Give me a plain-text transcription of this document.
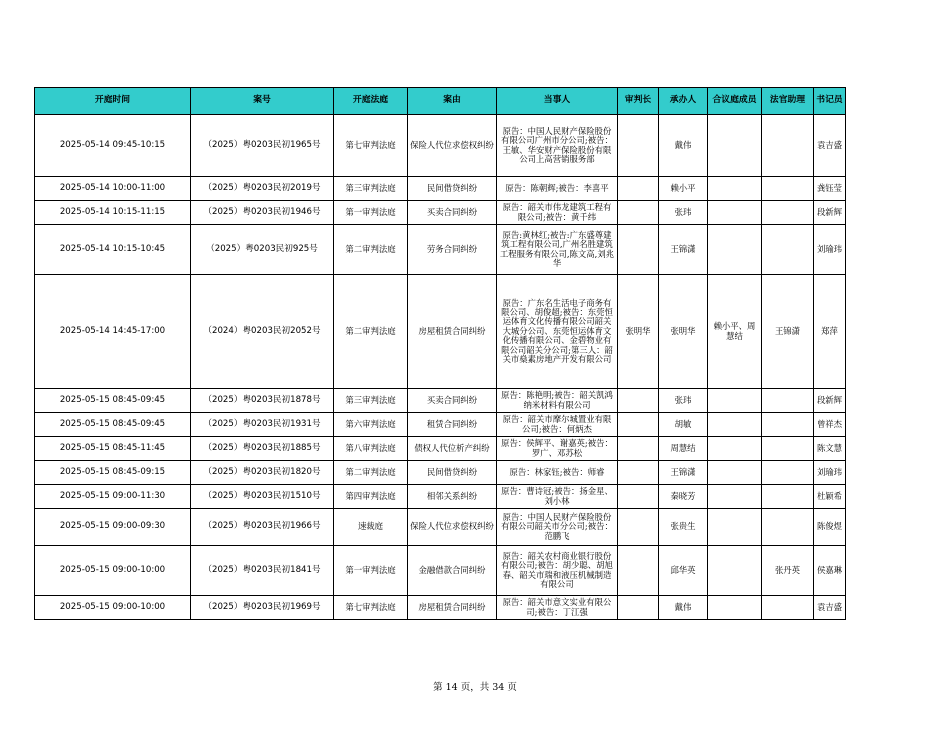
开庭时间	案号	开庭法庭	案由	当事人	审判长	承办人	合议庭成员	法官助理	书记员
2025-05-14 09:45-10:15	（2025）粤0203民初1965号	第七审判法庭	保险人代位求偿权纠纷	原告：中国人民财产保险股份有限公司广州市分公司;被告：王敏、华安财产保险股份有限公司上高营销服务部		戴伟			袁吉盛
2025-05-14 10:00-11:00	（2025）粤0203民初2019号	第三审判法庭	民间借贷纠纷	原告：陈朝辉;被告：李喜平		赖小平			龚钰莹
2025-05-14 10:15-11:15	（2025）粤0203民初1946号	第一审判法庭	买卖合同纠纷	原告：韶关市伟龙建筑工程有限公司;被告：黄千纬		张玮			段新辉
2025-05-14 10:15-10:45	（2025）粤0203民初925号	第二审判法庭	劳务合同纠纷	原告:黄林红;被告:广东盛尊建筑工程有限公司,广州名胜建筑工程服务有限公司,陈文高,刘兆华		王锦潇			刘瑜玮
2025-05-14 14:45-17:00	（2024）粤0203民初2052号	第二审判法庭	房屋租赁合同纠纷	原告：广东名生活电子商务有限公司、胡俊超;被告：东莞恒运体育文化传播有限公司韶关大城分公司、东莞恒运体育文化传播有限公司、金碧物业有限公司韶关分公司;第三人：韶关市燊素房地产开发有限公司	张明华	张明华	赖小平、周慧结	王锦潇	郑萍
2025-05-15 08:45-09:45	（2025）粤0203民初1878号	第三审判法庭	买卖合同纠纷	原告：陈艳明;被告：韶关凯鸿纳米材料有限公司		张玮			段新辉
2025-05-15 08:45-09:45	（2025）粤0203民初1931号	第六审判法庭	租赁合同纠纷	原告：韶关市摩尔城置业有限公司;被告：何炳杰		胡敏			曾祥杰
2025-05-15 08:45-11:45	（2025）粤0203民初1885号	第八审判法庭	债权人代位析产纠纷	原告：侯辉平、谢嘉英;被告：罗广、邓苏松		周慧结			陈文慧
2025-05-15 08:45-09:15	（2025）粤0203民初1820号	第二审判法庭	民间借贷纠纷	原告：林家钰;被告：师睿		王锦潇			刘瑜玮
2025-05-15 09:00-11:30	（2025）粤0203民初1510号	第四审判法庭	相邻关系纠纷	原告：曹诗冠;被告：扬金星、刘小林		秦晓芳			杜颖希
2025-05-15 09:00-09:30	（2025）粤0203民初1966号	速裁庭	保险人代位求偿权纠纷	原告：中国人民财产保险股份有限公司韶关市分公司;被告：范鹏飞		张贵生			陈俊煜
2025-05-15 09:00-10:00	（2025）粤0203民初1841号	第一审判法庭	金融借款合同纠纷	原告：韶关农村商业银行股份有限公司;被告：胡少聪、胡旭春、韶关市瑞和液压机械制造有限公司		邱华英		张丹英	侯嘉琳
2025-05-15 09:00-10:00	（2025）粤0203民初1969号	第七审判法庭	房屋租赁合同纠纷	原告：韶关市意文实业有限公司;被告：丁江强		戴伟			袁吉盛
第 14 页，共 34 页
